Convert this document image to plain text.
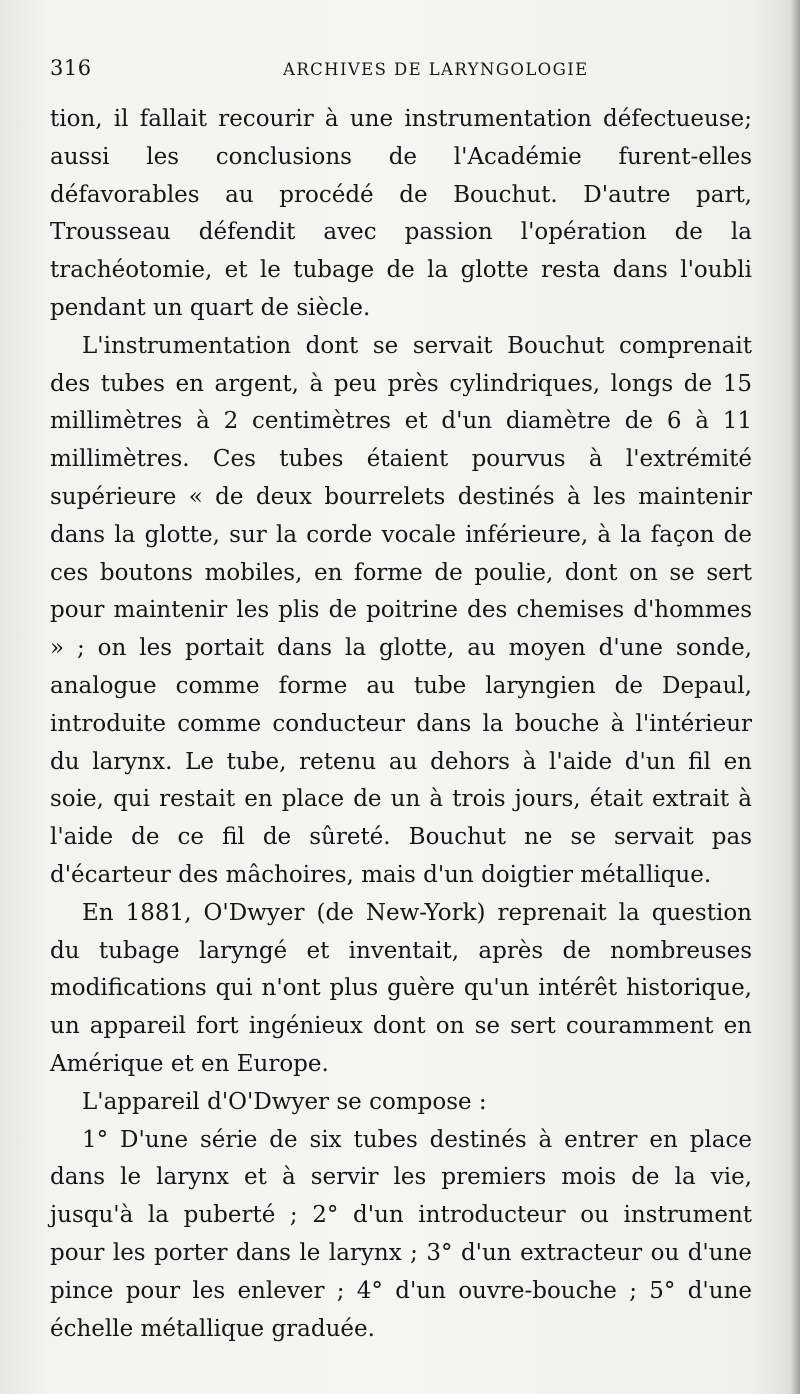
316	ARCHIVES DE LARYNGOLOGIE

tion, il fallait recourir à une instrumentation défectueuse; aussi les conclusions de l'Académie furent-elles défavorables au procédé de Bouchut. D'autre part, Trousseau défendit avec passion l'opération de la trachéotomie, et le tubage de la glotte resta dans l'oubli pendant un quart de siècle.

L'instrumentation dont se servait Bouchut comprenait des tubes en argent, à peu près cylindriques, longs de 15 millimètres à 2 centimètres et d'un diamètre de 6 à 11 millimètres. Ces tubes étaient pourvus à l'extrémité supérieure « de deux bourrelets destinés à les maintenir dans la glotte, sur la corde vocale inférieure, à la façon de ces boutons mobiles, en forme de poulie, dont on se sert pour maintenir les plis de poitrine des chemises d'hommes » ; on les portait dans la glotte, au moyen d'une sonde, analogue comme forme au tube laryngien de Depaul, introduite comme conducteur dans la bouche à l'intérieur du larynx. Le tube, retenu au dehors à l'aide d'un fil en soie, qui restait en place de un à trois jours, était extrait à l'aide de ce fil de sûreté. Bouchut ne se servait pas d'écarteur des mâchoires, mais d'un doigtier métallique.

En 1881, O'Dwyer (de New-York) reprenait la question du tubage laryngé et inventait, après de nombreuses modifications qui n'ont plus guère qu'un intérêt historique, un appareil fort ingénieux dont on se sert couramment en Amérique et en Europe.

L'appareil d'O'Dwyer se compose :

1° D'une série de six tubes destinés à entrer en place dans le larynx et à servir les premiers mois de la vie, jusqu'à la puberté ; 2° d'un introducteur ou instrument pour les porter dans le larynx ; 3° d'un extracteur ou d'une pince pour les enlever ; 4° d'un ouvre-bouche ; 5° d'une échelle métallique graduée.
